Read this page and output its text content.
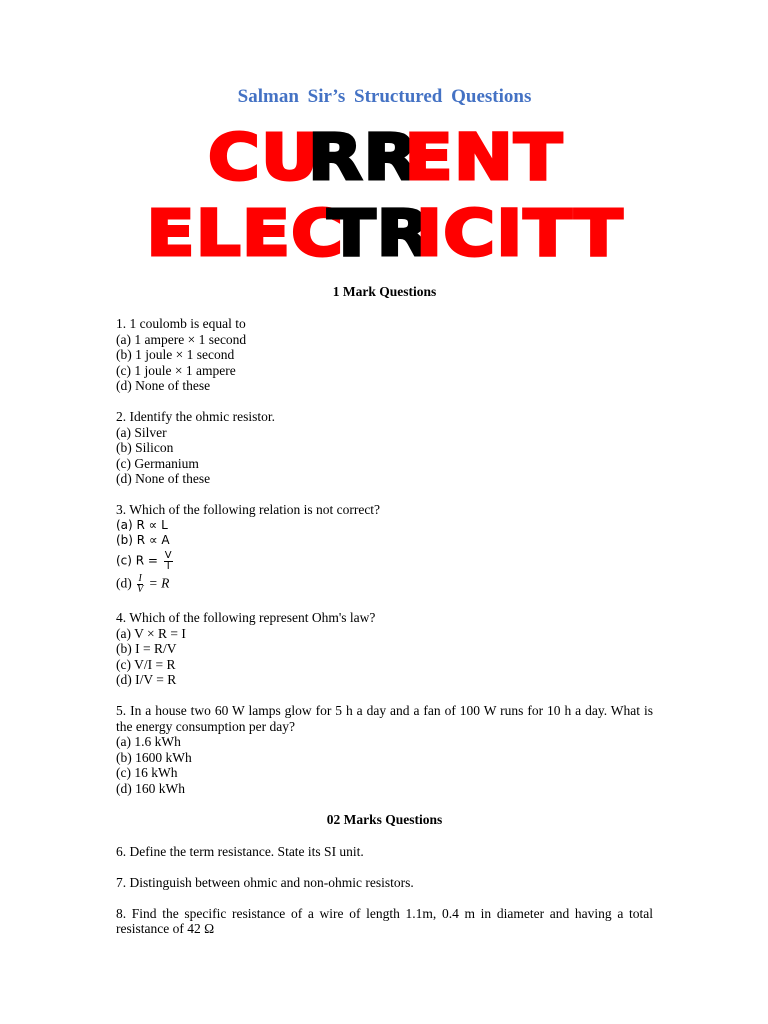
Salman Sir’s Structured Questions
CURRENT
ELECTRICITT
1 Mark Questions

1. 1 coulomb is equal to

(a) 1 ampere × 1 second

(b) 1 joule × 1 second

(c) 1 joule × 1 ampere

(d) None of these

2. Identify the ohmic resistor.

(a) Silver

(b) Silicon

(c) Germanium

(d) None of these

3. Which of the following relation is not correct?

(a) R ∝ L

(b) R ∝ A

(c) $R = \frac{V}{I}$

$(d) \frac{I}{V} = R$

4. Which of the following represent Ohm's law?

(a) V × R = I

(b) I = R/V

(c) V/I = R

(d) I/V = R

5. In a house two 60 W lamps glow for 5 h a day and a fan of 100 W runs for 10 h a day. What is the energy consumption per day?

(a) 1.6 kWh

(b) 1600 kWh

(c) 16 kWh

(d) 160 kWh

02 Marks Questions

6. Define the term resistance. State its SI unit.

7. Distinguish between ohmic and non-ohmic resistors.

8. Find the specific resistance of a wire of length 1.1m, 0.4 m in diameter and having a total resistance of 42 Ω
